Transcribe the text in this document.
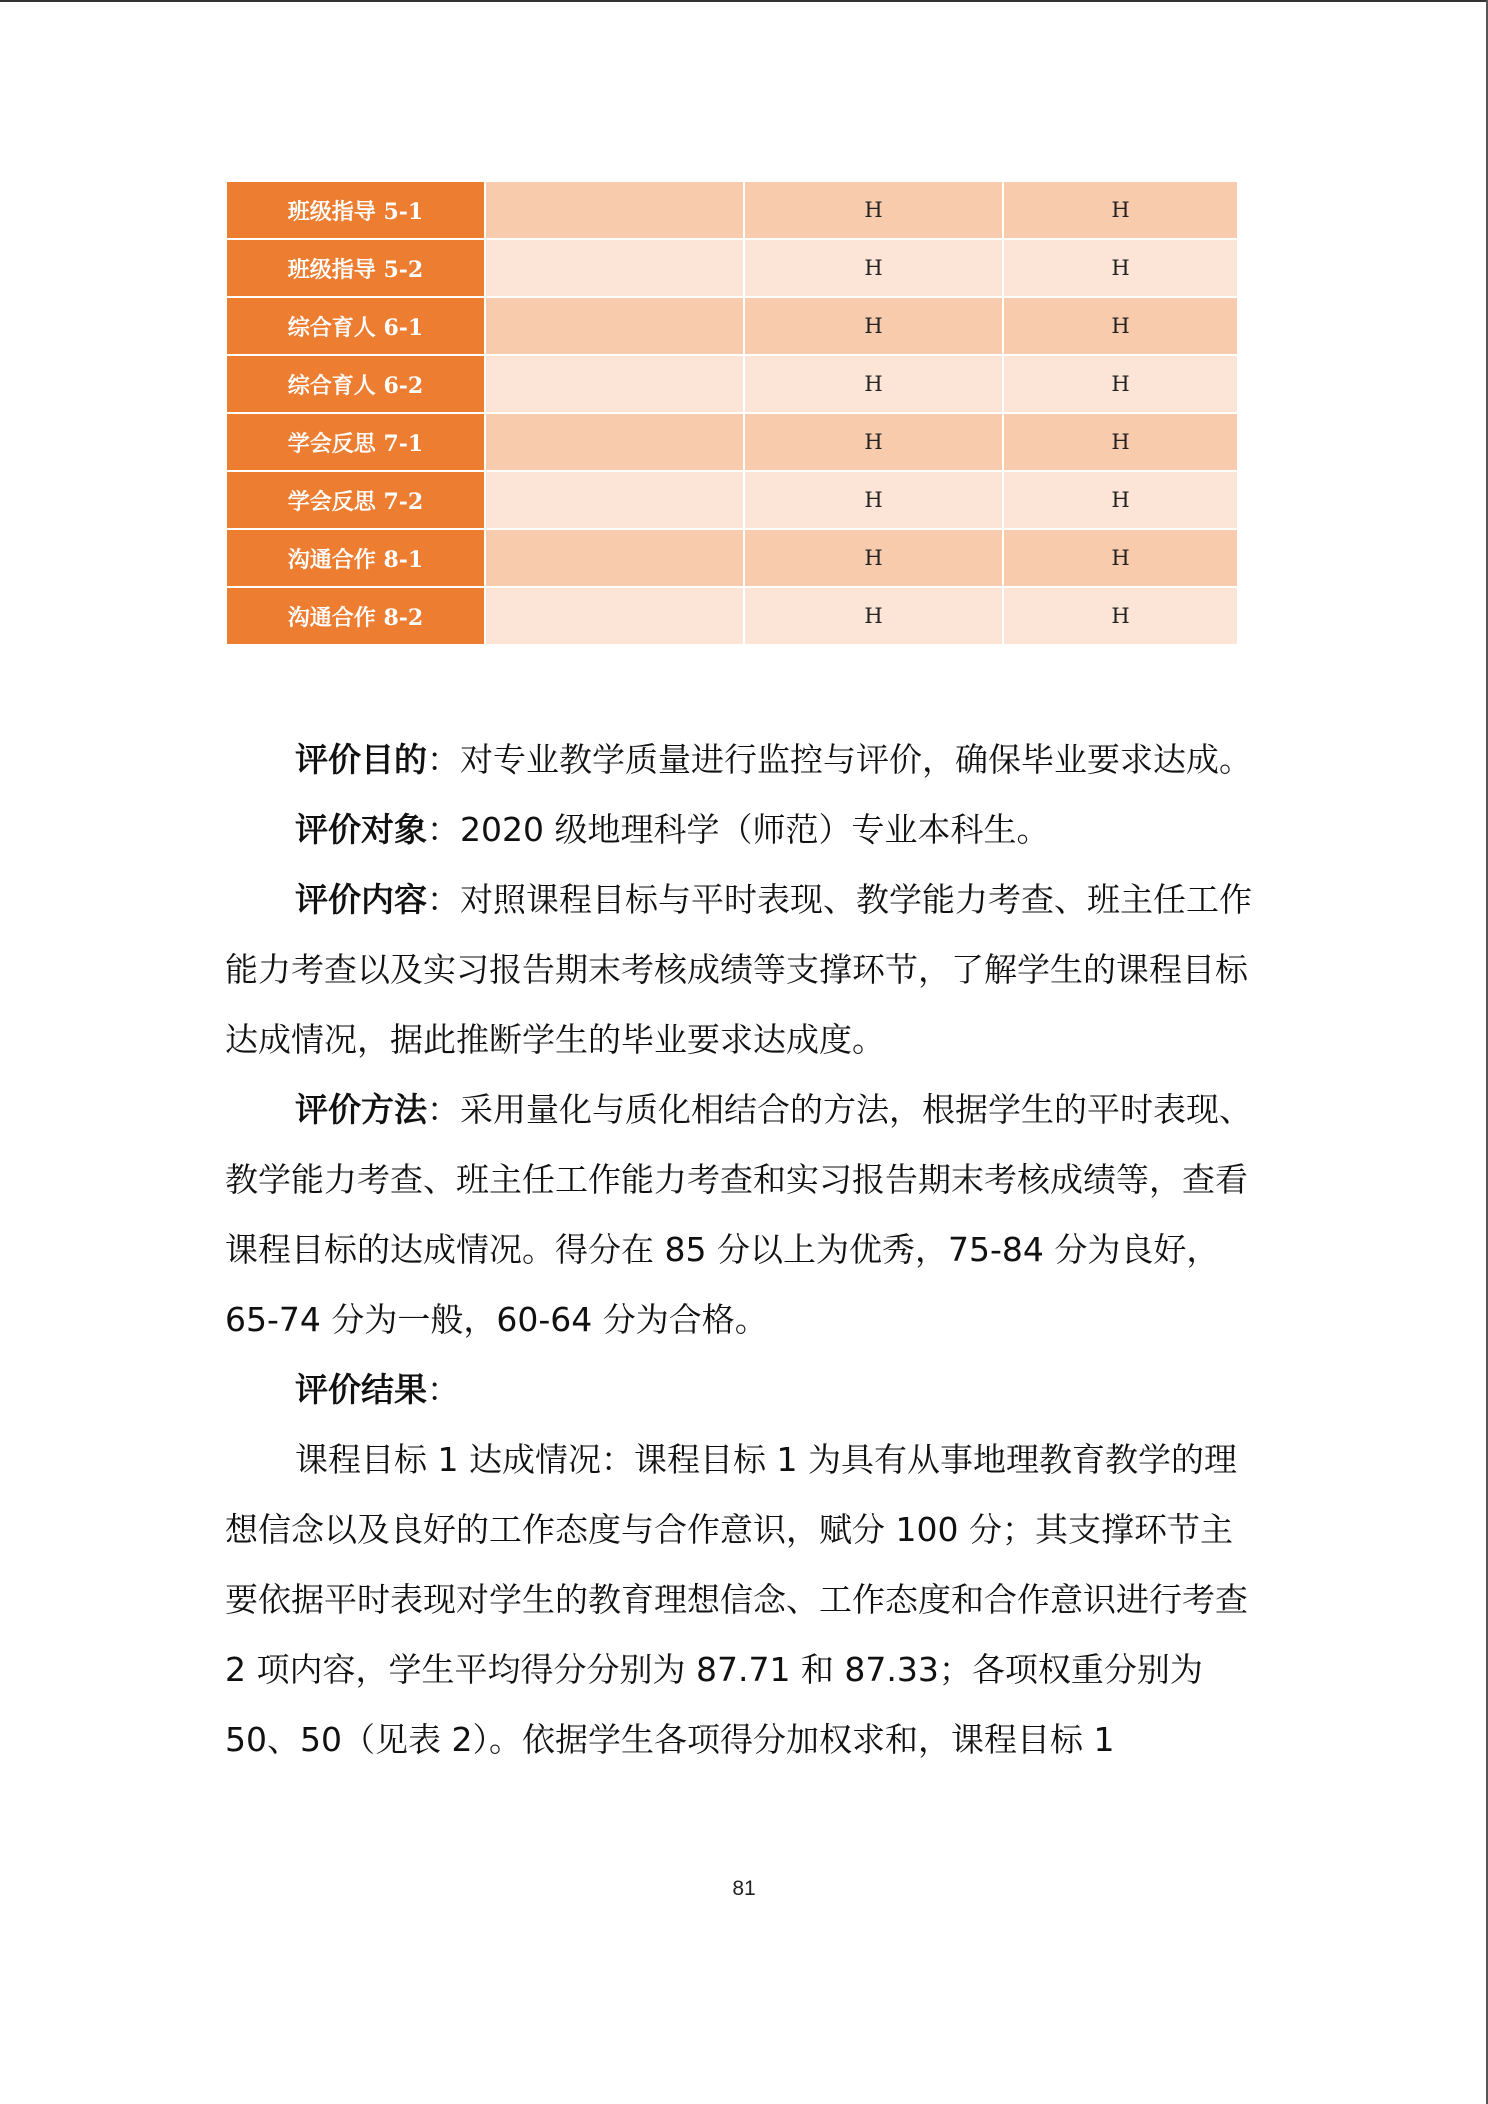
班级指导 5-1		H	H
班级指导 5-2		H	H
综合育人 6-1		H	H
综合育人 6-2		H	H
学会反思 7-1		H	H
学会反思 7-2		H	H
沟通合作 8-1		H	H
沟通合作 8-2		H	H

评价目的：对专业教学质量进行监控与评价，确保毕业要求达成。

评价对象：2020 级地理科学（师范）专业本科生。

评价内容：对照课程目标与平时表现、教学能力考查、班主任工作能力考查以及实习报告期末考核成绩等支撑环节，了解学生的课程目标达成情况，据此推断学生的毕业要求达成度。

评价方法：采用量化与质化相结合的方法，根据学生的平时表现、教学能力考查、班主任工作能力考查和实习报告期末考核成绩等，查看课程目标的达成情况。得分在 85 分以上为优秀，75-84 分为良好，65-74 分为一般，60-64 分为合格。

评价结果：

课程目标 1 达成情况：课程目标 1 为具有从事地理教育教学的理想信念以及良好的工作态度与合作意识，赋分 100 分；其支撑环节主要依据平时表现对学生的教育理想信念、工作态度和合作意识进行考查 2 项内容，学生平均得分分别为 87.71 和 87.33；各项权重分别为 50、50（见表 2）。依据学生各项得分加权求和，课程目标 1

81
